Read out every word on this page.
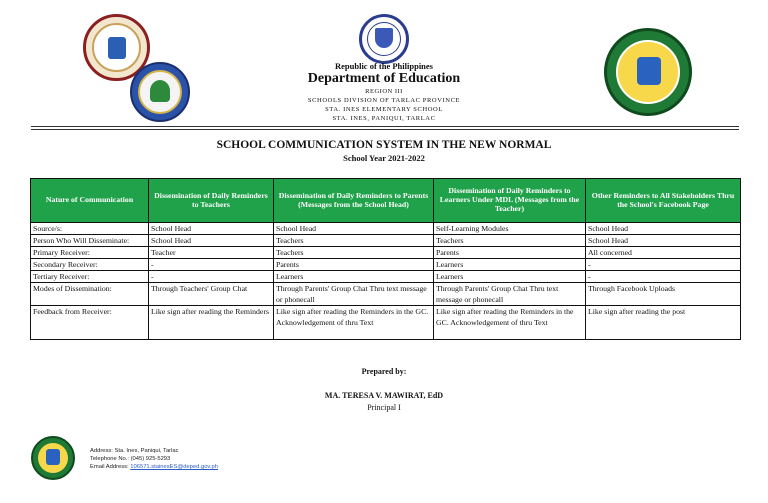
Republic of the Philippines
Department of Education
REGION III
SCHOOLS DIVISION OF TARLAC PROVINCE
STA. INES ELEMENTARY SCHOOL
STA. INES, PANIQUI, TARLAC
SCHOOL COMMUNICATION SYSTEM IN THE NEW NORMAL
School Year 2021-2022
Nature of Communication	Dissemination of Daily Reminders to Teachers	Dissemination of Daily Reminders to Parents (Messages from the School Head)	Dissemination of Daily Reminders to Learners Under MDL (Messages from the Teacher)	Other Reminders to All Stakeholders Thru the School's Facebook Page
Source/s:	School Head	School Head	Self-Learning Modules	School Head
Person Who Will Disseminate:	School Head	Teachers	Teachers	School Head
Primary Receiver:	Teacher	Teachers	Parents	All concerned
Secondary Receiver:	-	Parents	Learners	-
Tertiary Receiver:	-	Learners	Learners	-
Modes of Dissemination:	Through Teachers' Group Chat	Through Parents' Group Chat Thru text message or phonecall	Through Parents' Group Chat Thru text message or phonecall	Through Facebook Uploads
Feedback from Receiver:	Like sign after reading the Reminders	Like sign after reading the Reminders in the GC. Acknowledgement of thru Text	Like sign after reading the Reminders in the GC. Acknowledgement of thru Text	Like sign after reading the post
Prepared by:
MA. TERESA V. MAWIRAT, EdD
Principal I
Address: Sta. Ines, Paniqui, Tarlac
Telephone No.: (045) 925-5293
Email Address: 106571.stainesES@deped.gov.ph
